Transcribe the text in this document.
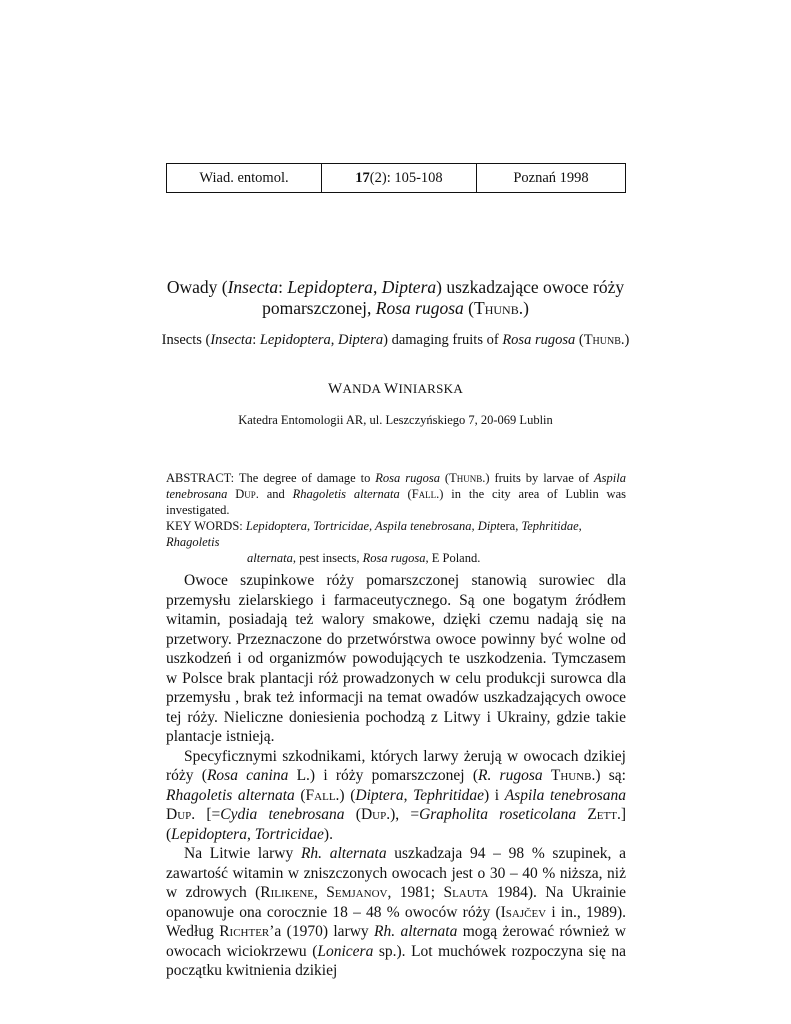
Wiad. entomol.	17 (2): 105-108	Poznań 1998
Owady (Insecta: Lepidoptera, Diptera) uszkadzające owoce róży
pomarszczonej, Rosa rugosa (Thunb.)
Insects (Insecta: Lepidoptera, Diptera) damaging fruits of Rosa rugosa (Thunb.)
WANDA WINIARSKA
Katedra Entomologii AR, ul. Leszczyńskiego 7, 20-069 Lublin
ABSTRACT: The degree of damage to Rosa rugosa (Thunb.) fruits by larvae of Aspila tenebrosana Dup. and Rhagoletis alternata (Fall.) in the city area of Lublin was investigated.
KEY WORDS: Lepidoptera, Tortricidae, Aspila tenebrosana, Diptera, Tephritidae, Rhagoletis
alternata, pest insects, Rosa rugosa, E Poland.

Owoce szupinkowe róży pomarszczonej stanowią surowiec dla przemysłu zielarskiego i farmaceutycznego. Są one bogatym źródłem witamin, posiadają też walory smakowe, dzięki czemu nadają się na przetwory. Przeznaczone do przetwórstwa owoce powinny być wolne od uszkodzeń i od organizmów powodujących te uszkodzenia. Tymczasem w Polsce brak plantacji róż prowadzonych w celu produkcji surowca dla przemysłu , brak też informacji na temat owadów uszkadzających owoce tej róży. Nieliczne doniesienia pochodzą z Litwy i Ukrainy, gdzie takie plantacje istnieją.

Specyficznymi szkodnikami, których larwy żerują w owocach dzikiej róży (Rosa canina L.) i róży pomarszczonej (R. rugosa Thunb.) są: Rhagoletis alternata (Fall.) (Diptera, Tephritidae) i Aspila tenebrosana Dup. [=Cydia tenebrosana (Dup.), =Grapholita roseticolana Zett.] (Lepidoptera, Tortricidae).

Na Litwie larwy Rh. alternata uszkadzaja 94 – 98 % szupinek, a zawartość witamin w zniszczonych owocach jest o 30 – 40 % niższa, niż w zdrowych (Rilikene, Semjanov, 1981; Slauta 1984). Na Ukrainie opanowuje ona corocznie 18 – 48 % owoców róży (Isajčev i in., 1989). Według Richter’a (1970) larwy Rh. alternata mogą żerować również w owocach wiciokrzewu (Lonicera sp.). Lot muchówek rozpoczyna się na początku kwitnienia dzikiej
